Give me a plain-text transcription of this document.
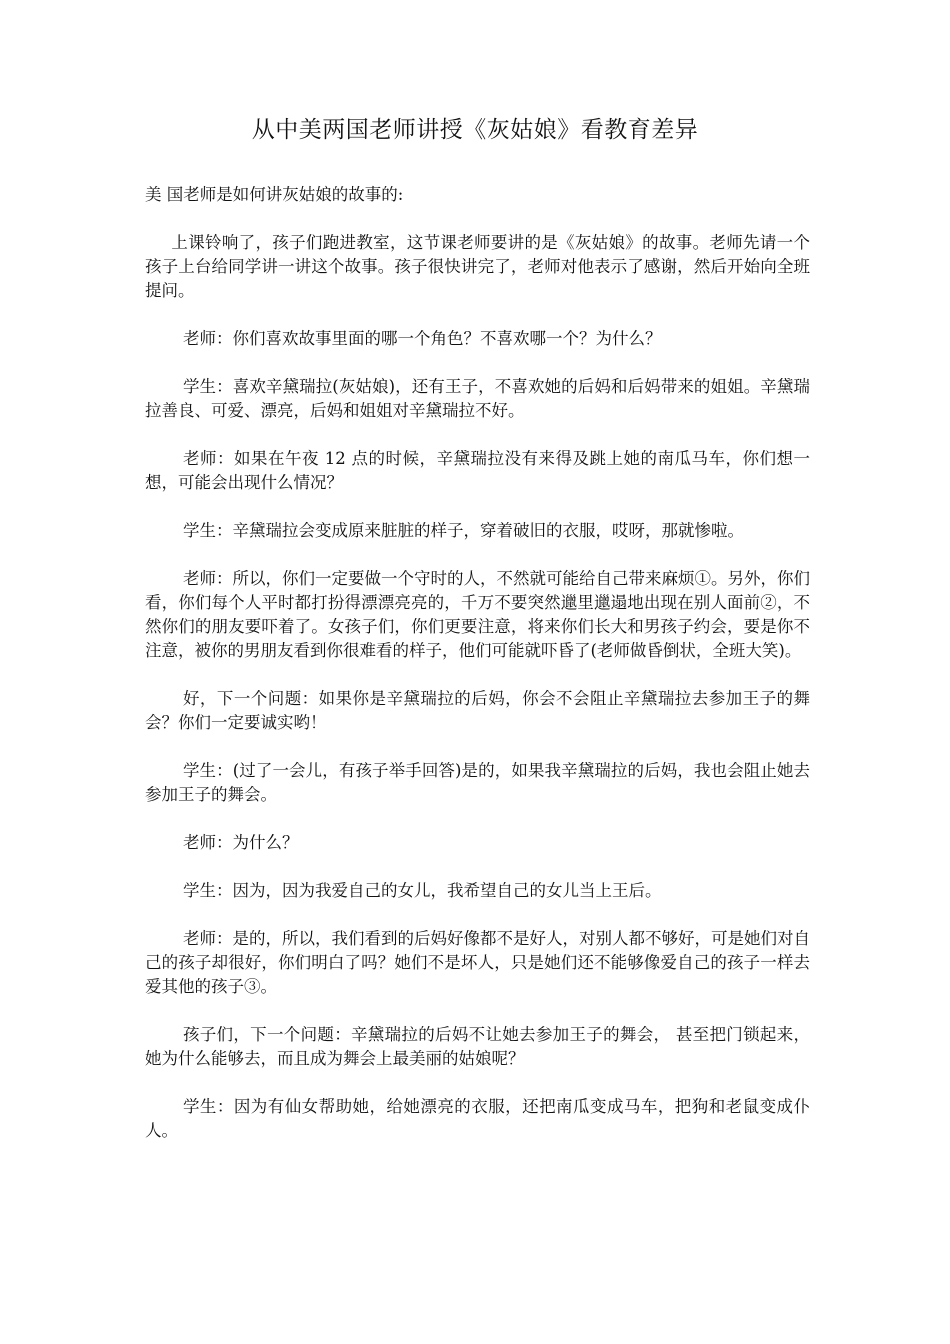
从中美两国老师讲授《灰姑娘》看教育差异

美 国老师是如何讲灰姑娘的故事的:

上课铃响了，孩子们跑进教室，这节课老师要讲的是《灰姑娘》的故事。老师先请一个孩子上台给同学讲一讲这个故事。孩子很快讲完了，老师对他表示了感谢，然后开始向全班提问。

老师：你们喜欢故事里面的哪一个角色？不喜欢哪一个？为什么？

学生：喜欢辛黛瑞拉(灰姑娘)，还有王子，不喜欢她的后妈和后妈带来的姐姐。辛黛瑞拉善良、可爱、漂亮，后妈和姐姐对辛黛瑞拉不好。

老师：如果在午夜 12 点的时候，辛黛瑞拉没有来得及跳上她的南瓜马车，你们想一想，可能会出现什么情况？

学生：辛黛瑞拉会变成原来脏脏的样子，穿着破旧的衣服，哎呀，那就惨啦。

老师：所以，你们一定要做一个守时的人，不然就可能给自己带来麻烦①。另外，你们看，你们每个人平时都打扮得漂漂亮亮的，千万不要突然邋里邋遢地出现在别人面前②，不然你们的朋友要吓着了。女孩子们，你们更要注意，将来你们长大和男孩子约会，要是你不注意，被你的男朋友看到你很难看的样子，他们可能就吓昏了(老师做昏倒状，全班大笑)。

好，下一个问题：如果你是辛黛瑞拉的后妈，你会不会阻止辛黛瑞拉去参加王子的舞会？你们一定要诚实哟！

学生：(过了一会儿，有孩子举手回答)是的，如果我辛黛瑞拉的后妈，我也会阻止她去参加王子的舞会。

老师：为什么？

学生：因为，因为我爱自己的女儿，我希望自己的女儿当上王后。

老师：是的，所以，我们看到的后妈好像都不是好人，对别人都不够好，可是她们对自己的孩子却很好，你们明白了吗？她们不是坏人，只是她们还不能够像爱自己的孩子一样去爱其他的孩子③。

孩子们，下一个问题：辛黛瑞拉的后妈不让她去参加王子的舞会， 甚至把门锁起来，她为什么能够去，而且成为舞会上最美丽的姑娘呢？

学生：因为有仙女帮助她，给她漂亮的衣服，还把南瓜变成马车，把狗和老鼠变成仆人。
